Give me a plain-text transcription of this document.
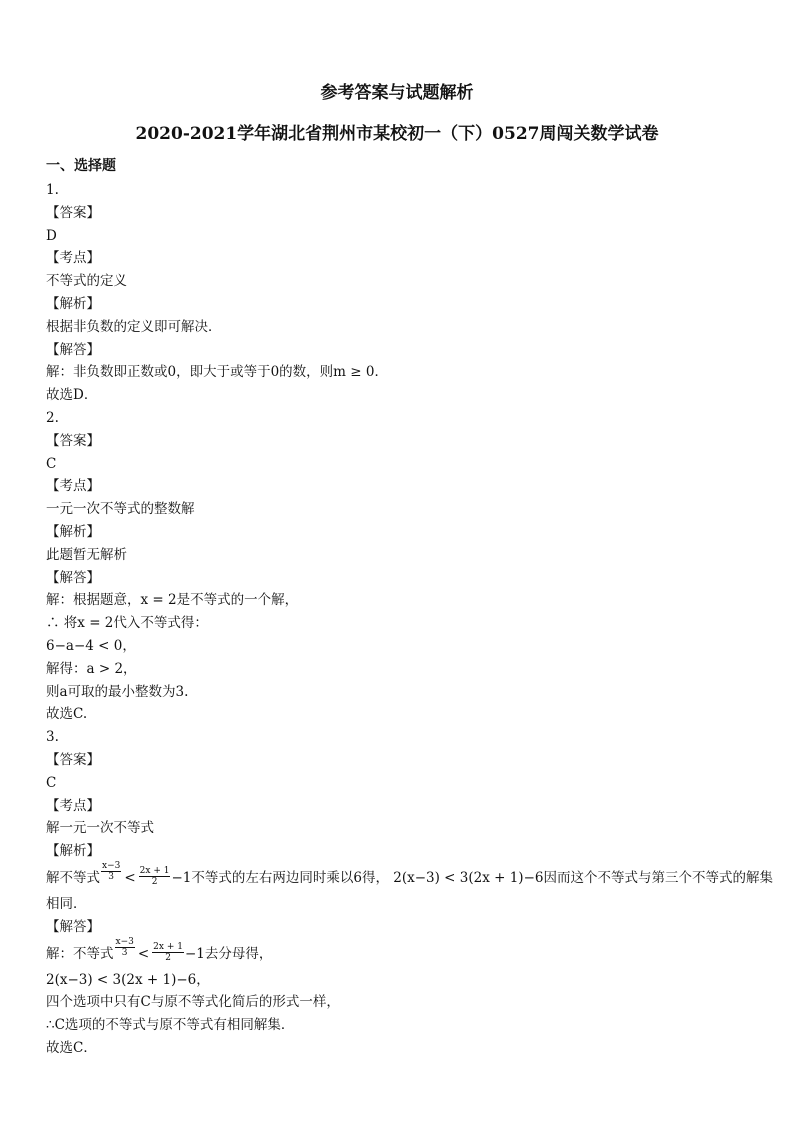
参考答案与试题解析
2020-2021学年湖北省荆州市某校初一（下）0527周闯关数学试卷
一、选择题
1.
【答案】
D
【考点】
不等式的定义
【解析】
根据非负数的定义即可解决．
【解答】
解：非负数即正数或0，即大于或等于0的数，则m ≥ 0．
故选D．
2.
【答案】
C
【考点】
一元一次不等式的整数解
【解析】
此题暂无解析
【解答】
解：根据题意，x = 2是不等式的一个解，
∴ 将x = 2代入不等式得：
6−a−4 < 0，
解得：a > 2，
则a可取的最小整数为3.
故选C.
3.
【答案】
C
【考点】
解一元一次不等式
【解析】
解不等式 $\frac{x-3}{3} < \frac{2x + 1}{2} -1$不等式的左右两边同时乘以6得， 2(x−3) < 3(2x + 1)−6因而这个不等式与第三个不等式的解集
相同．
【解答】
解：不等式 $\frac{x-3}{3} < \frac{2x + 1}{2} -1$去分母得，
2(x−3) < 3(2x + 1)−6，
四个选项中只有C与原不等式化简后的形式一样，
∴C选项的不等式与原不等式有相同解集．
故选C．
